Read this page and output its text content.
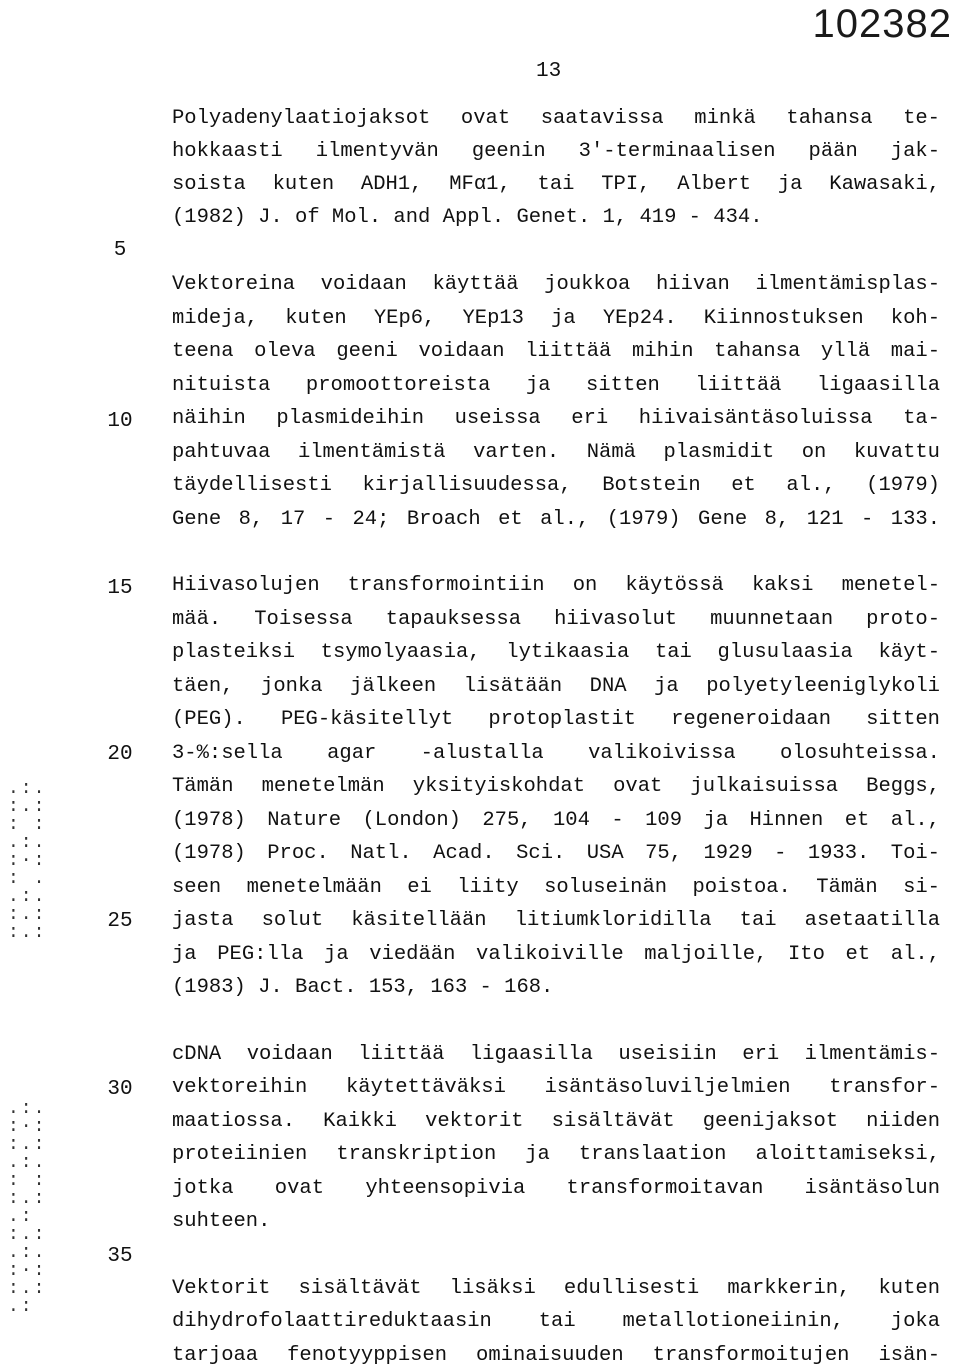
102382
13
5
10
15
20
25
30
35
.:.
:.:
: :
.:.
:·:
: .
.:.
:.:
:.:
.:.
:·:
:.:
.:.
: :
:.:
.:
:.:
.:.
:·:
:.:
.:
Polyadenylaatiojaksot ovat saatavissa minkä tahansa te-
hokkaasti ilmentyvän geenin 3'-terminaalisen pään jak-
soista kuten ADH1, MFα1, tai TPI, Albert ja Kawasaki,
(1982) J. of Mol. and Appl. Genet. 1, 419 - 434.
Vektoreina voidaan käyttää joukkoa hiivan ilmentämisplas-
mideja, kuten YEp6, YEp13 ja YEp24. Kiinnostuksen koh-
teena oleva geeni voidaan liittää mihin tahansa yllä mai-
nituista promoottoreista ja sitten liittää ligaasilla
näihin plasmideihin useissa eri hiivaisäntäsoluissa ta-
pahtuvaa ilmentämistä varten. Nämä plasmidit on kuvattu
täydellisesti kirjallisuudessa, Botstein et al., (1979)
Gene 8, 17 - 24; Broach et al., (1979) Gene 8, 121 - 133.
Hiivasolujen transformointiin on käytössä kaksi menetel-
mää. Toisessa tapauksessa hiivasolut muunnetaan proto-
plasteiksi tsymolyaasia, lytikaasia tai glusulaasia käyt-
täen, jonka jälkeen lisätään DNA ja polyetyleeniglykoli
(PEG). PEG-käsitellyt protoplastit regeneroidaan sitten
3-%:sella agar -alustalla valikoivissa olosuhteissa.
Tämän menetelmän yksityiskohdat ovat julkaisuissa Beggs,
(1978) Nature (London) 275, 104 - 109 ja Hinnen et al.,
(1978) Proc. Natl. Acad. Sci. USA 75, 1929 - 1933. Toi-
seen menetelmään ei liity soluseinän poistoa. Tämän si-
jasta solut käsitellään litiumkloridilla tai asetaatilla
ja PEG:lla ja viedään valikoiville maljoille, Ito et al.,
(1983) J. Bact. 153, 163 - 168.
cDNA voidaan liittää ligaasilla useisiin eri ilmentämis-
vektoreihin käytettäväksi isäntäsoluviljelmien transfor-
maatiossa. Kaikki vektorit sisältävät geenijaksot niiden
proteiinien transkription ja translaation aloittamiseksi,
jotka ovat yhteensopivia transformoitavan isäntäsolun
suhteen.
Vektorit sisältävät lisäksi edullisesti markkerin, kuten
dihydrofolaattireduktaasin tai metallotioneiinin, joka
tarjoaa fenotyyppisen ominaisuuden transformoitujen isän-
